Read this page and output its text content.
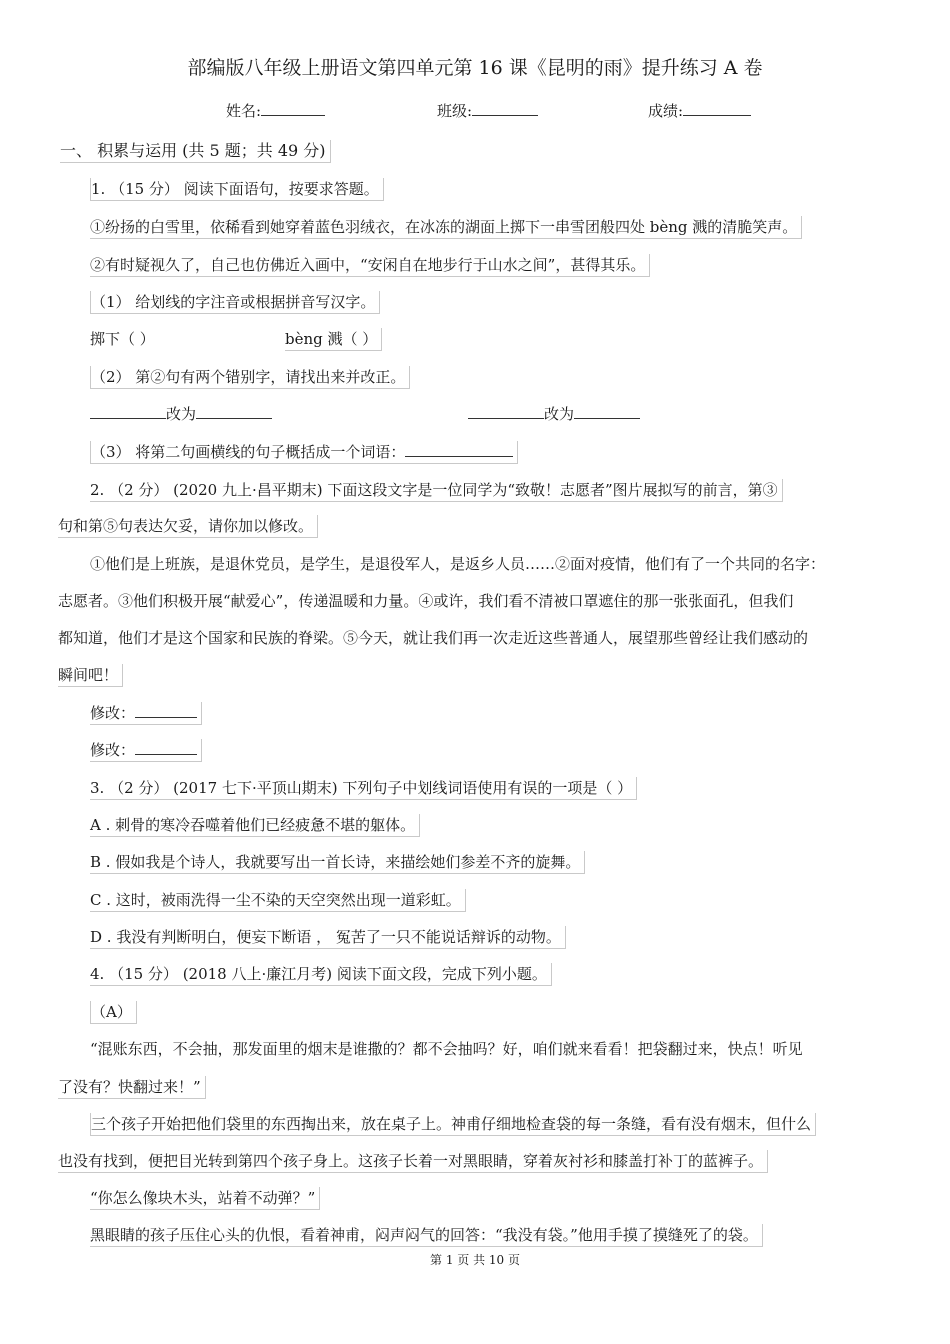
部编版八年级上册语文第四单元第 16 课《昆明的雨》提升练习 A 卷
姓名:	班级:	成绩:
一、 积累与运用 (共 5 题；共 49 分)
1. （15 分） 阅读下面语句，按要求答题。
①纷扬的白雪里，依稀看到她穿着蓝色羽绒衣，在冰冻的湖面上掷下一串雪团般四处 bèng 溅的清脆笑声。
②有时疑视久了，自己也仿佛近入画中，“安闲自在地步行于山水之间”，甚得其乐。
（1） 给划线的字注音或根据拼音写汉字。
掷下（ ）	bèng 溅（ ）
（2） 第②句有两个错别字，请找出来并改正。
改为	改为
（3） 将第二句画横线的句子概括成一个词语：
2. （2 分） (2020 九上·昌平期末) 下面这段文字是一位同学为“致敬！志愿者”图片展拟写的前言，第③
句和第⑤句表达欠妥，请你加以修改。
①他们是上班族，是退休党员，是学生，是退役军人，是返乡人员……②面对疫情，他们有了一个共同的名字：
志愿者。③他们积极开展“献爱心”，传递温暖和力量。④或许，我们看不清被口罩遮住的那一张张面孔，但我们
都知道，他们才是这个国家和民族的脊梁。⑤今天，就让我们再一次走近这些普通人，展望那些曾经让我们感动的
瞬间吧！
修改：
修改：
3. （2 分） (2017 七下·平顶山期末) 下列句子中划线词语使用有误的一项是（ ）
A . 刺骨的寒冷吞噬着他们已经疲惫不堪的躯体。
B . 假如我是个诗人，我就要写出一首长诗，来描绘她们参差不齐的旋舞。
C . 这时，被雨洗得一尘不染的天空突然出现一道彩虹。
D . 我没有判断明白，便妄下断语 ， 冤苦了一只不能说话辩诉的动物。
4. （15 分） (2018 八上·廉江月考) 阅读下面文段，完成下列小题。
（A）
“混账东西，不会抽，那发面里的烟末是谁撒的？都不会抽吗？好，咱们就来看看！把袋翻过来，快点！听见
了没有？快翻过来！”
三个孩子开始把他们袋里的东西掏出来，放在桌子上。神甫仔细地检查袋的每一条缝，看有没有烟末，但什么
也没有找到，便把目光转到第四个孩子身上。这孩子长着一对黑眼睛，穿着灰衬衫和膝盖打补丁的蓝裤子。
“你怎么像块木头，站着不动弹？”
黑眼睛的孩子压住心头的仇恨，看着神甫，闷声闷气的回答：“我没有袋。”他用手摸了摸缝死了的袋。
第 1 页 共 10 页
